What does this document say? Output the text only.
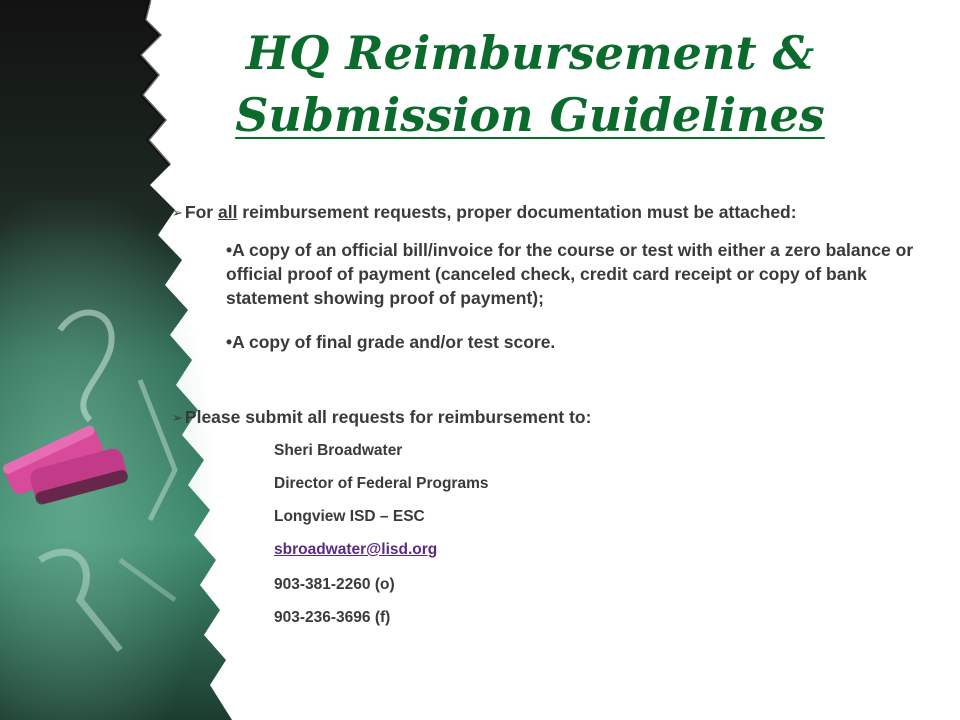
HQ Reimbursement &
Submission Guidelines
➢ For all reimbursement requests, proper documentation must be attached:
•A copy of an official bill/invoice for the course or test with either a zero balance or official proof of payment (canceled check, credit card receipt or copy of bank statement showing proof of payment);
•A copy of final grade and/or test score.
➢ Please submit all requests for reimbursement to:
Sheri Broadwater
Director of Federal Programs
Longview ISD – ESC
sbroadwater@lisd.org
903-381-2260 (o)
903-236-3696 (f)
